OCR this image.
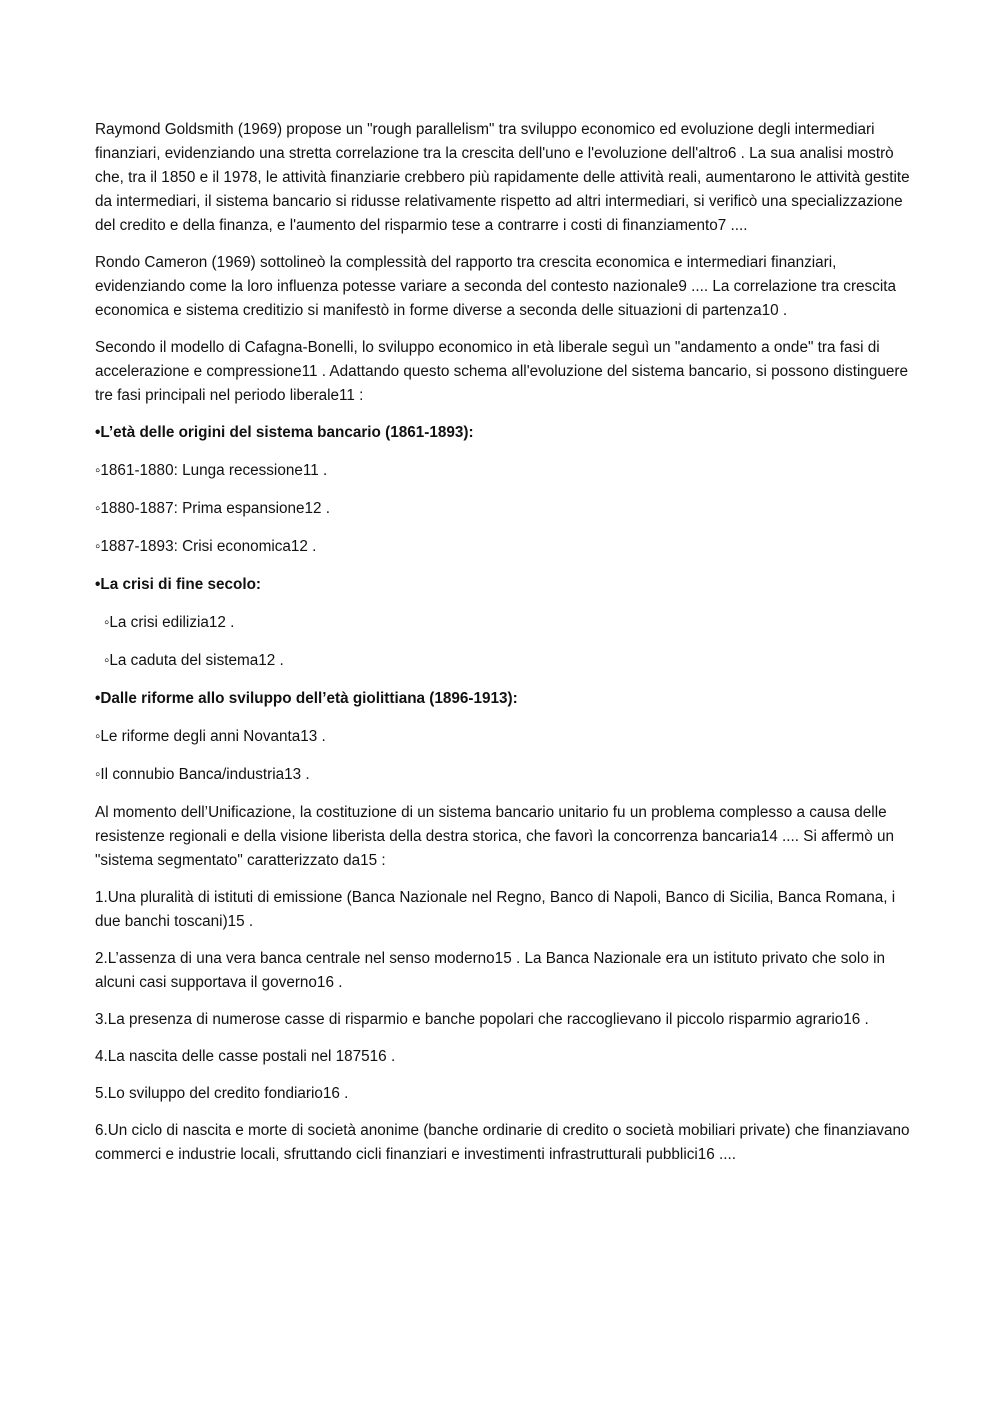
Raymond Goldsmith (1969) propose un "rough parallelism" tra sviluppo economico ed evoluzione degli intermediari finanziari, evidenziando una stretta correlazione tra la crescita dell'uno e l'evoluzione dell'altro6 . La sua analisi mostrò che, tra il 1850 e il 1978, le attività finanziarie crebbero più rapidamente delle attività reali, aumentarono le attività gestite da intermediari, il sistema bancario si ridusse relativamente rispetto ad altri intermediari, si verificò una specializzazione del credito e della finanza, e l'aumento del risparmio tese a contrarre i costi di finanziamento7 ....

Rondo Cameron (1969) sottolineò la complessità del rapporto tra crescita economica e intermediari finanziari, evidenziando come la loro influenza potesse variare a seconda del contesto nazionale9 .... La correlazione tra crescita economica e sistema creditizio si manifestò in forme diverse a seconda delle situazioni di partenza10 .

Secondo il modello di Cafagna-Bonelli, lo sviluppo economico in età liberale seguì un "andamento a onde" tra fasi di accelerazione e compressione11 . Adattando questo schema all'evoluzione del sistema bancario, si possono distinguere tre fasi principali nel periodo liberale11 :

•L’età delle origini del sistema bancario (1861-1893):

◦1861-1880: Lunga recessione11 .

◦1880-1887: Prima espansione12 .

◦1887-1893: Crisi economica12 .

•La crisi di fine secolo:

◦La crisi edilizia12 .

◦La caduta del sistema12 .

•Dalle riforme allo sviluppo dell’età giolittiana (1896-1913):

◦Le riforme degli anni Novanta13 .

◦Il connubio Banca/industria13 .

Al momento dell’Unificazione, la costituzione di un sistema bancario unitario fu un problema complesso a causa delle resistenze regionali e della visione liberista della destra storica, che favorì la concorrenza bancaria14 .... Si affermò un "sistema segmentato" caratterizzato da15 :

1.Una pluralità di istituti di emissione (Banca Nazionale nel Regno, Banco di Napoli, Banco di Sicilia, Banca Romana, i due banchi toscani)15 .

2.L’assenza di una vera banca centrale nel senso moderno15 . La Banca Nazionale era un istituto privato che solo in alcuni casi supportava il governo16 .

3.La presenza di numerose casse di risparmio e banche popolari che raccoglievano il piccolo risparmio agrario16 .

4.La nascita delle casse postali nel 187516 .

5.Lo sviluppo del credito fondiario16 .

6.Un ciclo di nascita e morte di società anonime (banche ordinarie di credito o società mobiliari private) che finanziavano commerci e industrie locali, sfruttando cicli finanziari e investimenti infrastrutturali pubblici16 ....
